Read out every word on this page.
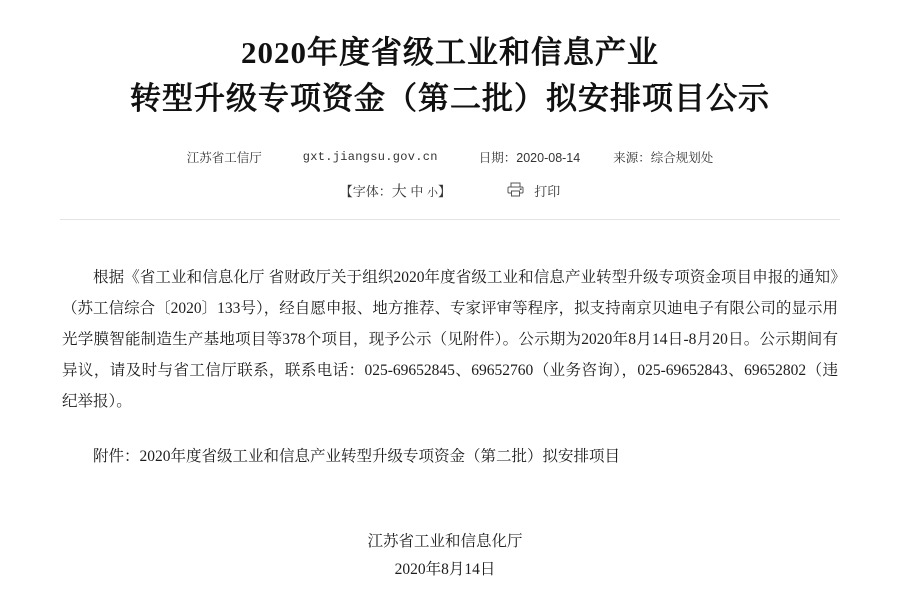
2020年度省级工业和信息产业
转型升级专项资金（第二批）拟安排项目公示
江苏省工信厅	gxt.jiangsu.gov.cn	日期：2020-08-14	来源：综合规划处
【字体：大 中 小】	打印

根据《省工业和信息化厅 省财政厅关于组织2020年度省级工业和信息产业转型升级专项资金项目申报的通知》（苏工信综合〔2020〕133号），经自愿申报、地方推荐、专家评审等程序，拟支持南京贝迪电子有限公司的显示用光学膜智能制造生产基地项目等378个项目，现予公示（见附件）。公示期为2020年8月14日-8月20日。公示期间有异议，请及时与省工信厅联系，联系电话：025-69652845、69652760（业务咨询），025-69652843、69652802（违纪举报）。

附件：2020年度省级工业和信息产业转型升级专项资金（第二批）拟安排项目

江苏省工业和信息化厅
2020年8月14日
